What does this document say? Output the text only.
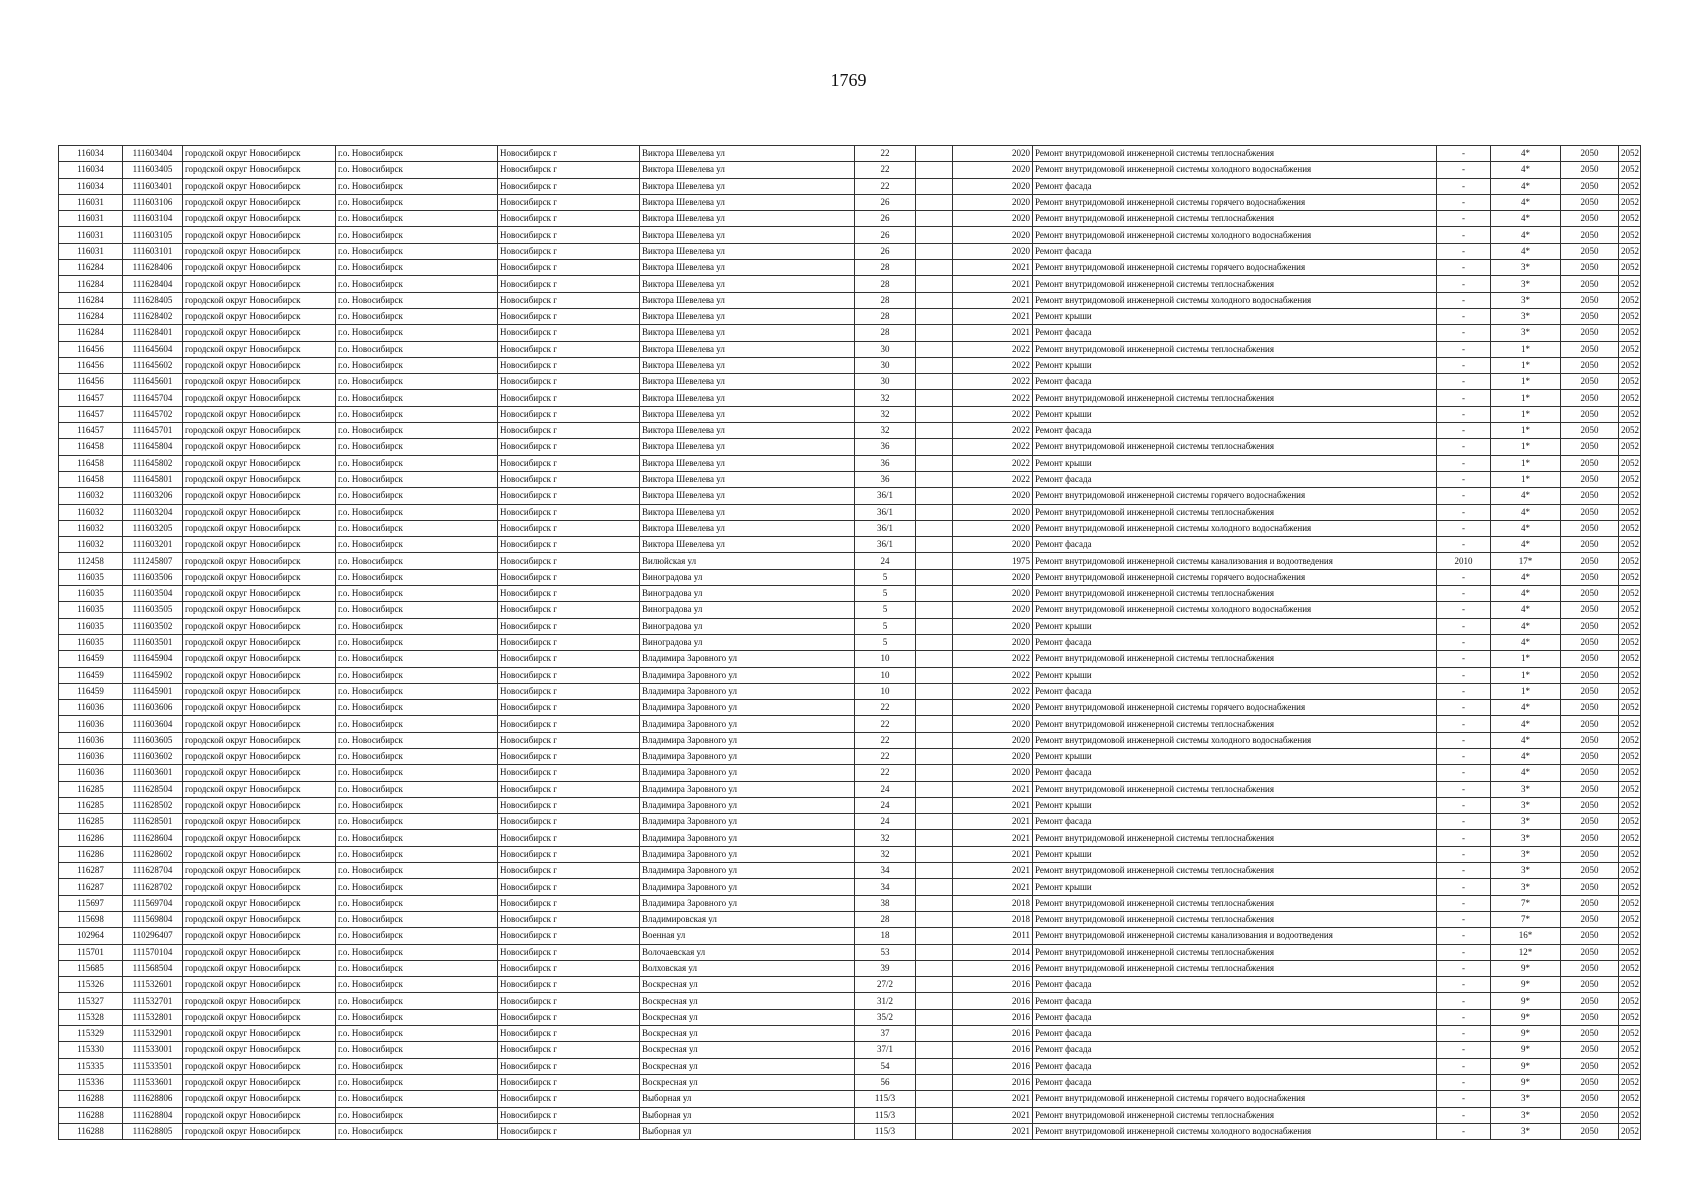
1769
116034	111603404	городской округ Новосибирск	г.о. Новосибирск	Новосибирск г	Виктора Шевелева ул	22		2020	Ремонт внутридомовой инженерной системы теплоснабжения	-	4*	2050	2052
116034	111603405	городской округ Новосибирск	г.о. Новосибирск	Новосибирск г	Виктора Шевелева ул	22		2020	Ремонт внутридомовой инженерной системы холодного водоснабжения	-	4*	2050	2052
116034	111603401	городской округ Новосибирск	г.о. Новосибирск	Новосибирск г	Виктора Шевелева ул	22		2020	Ремонт фасада	-	4*	2050	2052
116031	111603106	городской округ Новосибирск	г.о. Новосибирск	Новосибирск г	Виктора Шевелева ул	26		2020	Ремонт внутридомовой инженерной системы горячего водоснабжения	-	4*	2050	2052
116031	111603104	городской округ Новосибирск	г.о. Новосибирск	Новосибирск г	Виктора Шевелева ул	26		2020	Ремонт внутридомовой инженерной системы теплоснабжения	-	4*	2050	2052
116031	111603105	городской округ Новосибирск	г.о. Новосибирск	Новосибирск г	Виктора Шевелева ул	26		2020	Ремонт внутридомовой инженерной системы холодного водоснабжения	-	4*	2050	2052
116031	111603101	городской округ Новосибирск	г.о. Новосибирск	Новосибирск г	Виктора Шевелева ул	26		2020	Ремонт фасада	-	4*	2050	2052
116284	111628406	городской округ Новосибирск	г.о. Новосибирск	Новосибирск г	Виктора Шевелева ул	28		2021	Ремонт внутридомовой инженерной системы горячего водоснабжения	-	3*	2050	2052
116284	111628404	городской округ Новосибирск	г.о. Новосибирск	Новосибирск г	Виктора Шевелева ул	28		2021	Ремонт внутридомовой инженерной системы теплоснабжения	-	3*	2050	2052
116284	111628405	городской округ Новосибирск	г.о. Новосибирск	Новосибирск г	Виктора Шевелева ул	28		2021	Ремонт внутридомовой инженерной системы холодного водоснабжения	-	3*	2050	2052
116284	111628402	городской округ Новосибирск	г.о. Новосибирск	Новосибирск г	Виктора Шевелева ул	28		2021	Ремонт крыши	-	3*	2050	2052
116284	111628401	городской округ Новосибирск	г.о. Новосибирск	Новосибирск г	Виктора Шевелева ул	28		2021	Ремонт фасада	-	3*	2050	2052
116456	111645604	городской округ Новосибирск	г.о. Новосибирск	Новосибирск г	Виктора Шевелева ул	30		2022	Ремонт внутридомовой инженерной системы теплоснабжения	-	1*	2050	2052
116456	111645602	городской округ Новосибирск	г.о. Новосибирск	Новосибирск г	Виктора Шевелева ул	30		2022	Ремонт крыши	-	1*	2050	2052
116456	111645601	городской округ Новосибирск	г.о. Новосибирск	Новосибирск г	Виктора Шевелева ул	30		2022	Ремонт фасада	-	1*	2050	2052
116457	111645704	городской округ Новосибирск	г.о. Новосибирск	Новосибирск г	Виктора Шевелева ул	32		2022	Ремонт внутридомовой инженерной системы теплоснабжения	-	1*	2050	2052
116457	111645702	городской округ Новосибирск	г.о. Новосибирск	Новосибирск г	Виктора Шевелева ул	32		2022	Ремонт крыши	-	1*	2050	2052
116457	111645701	городской округ Новосибирск	г.о. Новосибирск	Новосибирск г	Виктора Шевелева ул	32		2022	Ремонт фасада	-	1*	2050	2052
116458	111645804	городской округ Новосибирск	г.о. Новосибирск	Новосибирск г	Виктора Шевелева ул	36		2022	Ремонт внутридомовой инженерной системы теплоснабжения	-	1*	2050	2052
116458	111645802	городской округ Новосибирск	г.о. Новосибирск	Новосибирск г	Виктора Шевелева ул	36		2022	Ремонт крыши	-	1*	2050	2052
116458	111645801	городской округ Новосибирск	г.о. Новосибирск	Новосибирск г	Виктора Шевелева ул	36		2022	Ремонт фасада	-	1*	2050	2052
116032	111603206	городской округ Новосибирск	г.о. Новосибирск	Новосибирск г	Виктора Шевелева ул	36/1		2020	Ремонт внутридомовой инженерной системы горячего водоснабжения	-	4*	2050	2052
116032	111603204	городской округ Новосибирск	г.о. Новосибирск	Новосибирск г	Виктора Шевелева ул	36/1		2020	Ремонт внутридомовой инженерной системы теплоснабжения	-	4*	2050	2052
116032	111603205	городской округ Новосибирск	г.о. Новосибирск	Новосибирск г	Виктора Шевелева ул	36/1		2020	Ремонт внутридомовой инженерной системы холодного водоснабжения	-	4*	2050	2052
116032	111603201	городской округ Новосибирск	г.о. Новосибирск	Новосибирск г	Виктора Шевелева ул	36/1		2020	Ремонт фасада	-	4*	2050	2052
112458	111245807	городской округ Новосибирск	г.о. Новосибирск	Новосибирск г	Вилюйская ул	24		1975	Ремонт внутридомовой инженерной системы канализования и водоотведения	2010	17*	2050	2052
116035	111603506	городской округ Новосибирск	г.о. Новосибирск	Новосибирск г	Виноградова ул	5		2020	Ремонт внутридомовой инженерной системы горячего водоснабжения	-	4*	2050	2052
116035	111603504	городской округ Новосибирск	г.о. Новосибирск	Новосибирск г	Виноградова ул	5		2020	Ремонт внутридомовой инженерной системы теплоснабжения	-	4*	2050	2052
116035	111603505	городской округ Новосибирск	г.о. Новосибирск	Новосибирск г	Виноградова ул	5		2020	Ремонт внутридомовой инженерной системы холодного водоснабжения	-	4*	2050	2052
116035	111603502	городской округ Новосибирск	г.о. Новосибирск	Новосибирск г	Виноградова ул	5		2020	Ремонт крыши	-	4*	2050	2052
116035	111603501	городской округ Новосибирск	г.о. Новосибирск	Новосибирск г	Виноградова ул	5		2020	Ремонт фасада	-	4*	2050	2052
116459	111645904	городской округ Новосибирск	г.о. Новосибирск	Новосибирск г	Владимира Заровного ул	10		2022	Ремонт внутридомовой инженерной системы теплоснабжения	-	1*	2050	2052
116459	111645902	городской округ Новосибирск	г.о. Новосибирск	Новосибирск г	Владимира Заровного ул	10		2022	Ремонт крыши	-	1*	2050	2052
116459	111645901	городской округ Новосибирск	г.о. Новосибирск	Новосибирск г	Владимира Заровного ул	10		2022	Ремонт фасада	-	1*	2050	2052
116036	111603606	городской округ Новосибирск	г.о. Новосибирск	Новосибирск г	Владимира Заровного ул	22		2020	Ремонт внутридомовой инженерной системы горячего водоснабжения	-	4*	2050	2052
116036	111603604	городской округ Новосибирск	г.о. Новосибирск	Новосибирск г	Владимира Заровного ул	22		2020	Ремонт внутридомовой инженерной системы теплоснабжения	-	4*	2050	2052
116036	111603605	городской округ Новосибирск	г.о. Новосибирск	Новосибирск г	Владимира Заровного ул	22		2020	Ремонт внутридомовой инженерной системы холодного водоснабжения	-	4*	2050	2052
116036	111603602	городской округ Новосибирск	г.о. Новосибирск	Новосибирск г	Владимира Заровного ул	22		2020	Ремонт крыши	-	4*	2050	2052
116036	111603601	городской округ Новосибирск	г.о. Новосибирск	Новосибирск г	Владимира Заровного ул	22		2020	Ремонт фасада	-	4*	2050	2052
116285	111628504	городской округ Новосибирск	г.о. Новосибирск	Новосибирск г	Владимира Заровного ул	24		2021	Ремонт внутридомовой инженерной системы теплоснабжения	-	3*	2050	2052
116285	111628502	городской округ Новосибирск	г.о. Новосибирск	Новосибирск г	Владимира Заровного ул	24		2021	Ремонт крыши	-	3*	2050	2052
116285	111628501	городской округ Новосибирск	г.о. Новосибирск	Новосибирск г	Владимира Заровного ул	24		2021	Ремонт фасада	-	3*	2050	2052
116286	111628604	городской округ Новосибирск	г.о. Новосибирск	Новосибирск г	Владимира Заровного ул	32		2021	Ремонт внутридомовой инженерной системы теплоснабжения	-	3*	2050	2052
116286	111628602	городской округ Новосибирск	г.о. Новосибирск	Новосибирск г	Владимира Заровного ул	32		2021	Ремонт крыши	-	3*	2050	2052
116287	111628704	городской округ Новосибирск	г.о. Новосибирск	Новосибирск г	Владимира Заровного ул	34		2021	Ремонт внутридомовой инженерной системы теплоснабжения	-	3*	2050	2052
116287	111628702	городской округ Новосибирск	г.о. Новосибирск	Новосибирск г	Владимира Заровного ул	34		2021	Ремонт крыши	-	3*	2050	2052
115697	111569704	городской округ Новосибирск	г.о. Новосибирск	Новосибирск г	Владимира Заровного ул	38		2018	Ремонт внутридомовой инженерной системы теплоснабжения	-	7*	2050	2052
115698	111569804	городской округ Новосибирск	г.о. Новосибирск	Новосибирск г	Владимировская ул	28		2018	Ремонт внутридомовой инженерной системы теплоснабжения	-	7*	2050	2052
102964	110296407	городской округ Новосибирск	г.о. Новосибирск	Новосибирск г	Военная ул	18		2011	Ремонт внутридомовой инженерной системы канализования и водоотведения	-	16*	2050	2052
115701	111570104	городской округ Новосибирск	г.о. Новосибирск	Новосибирск г	Волочаевская ул	53		2014	Ремонт внутридомовой инженерной системы теплоснабжения	-	12*	2050	2052
115685	111568504	городской округ Новосибирск	г.о. Новосибирск	Новосибирск г	Волховская ул	39		2016	Ремонт внутридомовой инженерной системы теплоснабжения	-	9*	2050	2052
115326	111532601	городской округ Новосибирск	г.о. Новосибирск	Новосибирск г	Воскресная ул	27/2		2016	Ремонт фасада	-	9*	2050	2052
115327	111532701	городской округ Новосибирск	г.о. Новосибирск	Новосибирск г	Воскресная ул	31/2		2016	Ремонт фасада	-	9*	2050	2052
115328	111532801	городской округ Новосибирск	г.о. Новосибирск	Новосибирск г	Воскресная ул	35/2		2016	Ремонт фасада	-	9*	2050	2052
115329	111532901	городской округ Новосибирск	г.о. Новосибирск	Новосибирск г	Воскресная ул	37		2016	Ремонт фасада	-	9*	2050	2052
115330	111533001	городской округ Новосибирск	г.о. Новосибирск	Новосибирск г	Воскресная ул	37/1		2016	Ремонт фасада	-	9*	2050	2052
115335	111533501	городской округ Новосибирск	г.о. Новосибирск	Новосибирск г	Воскресная ул	54		2016	Ремонт фасада	-	9*	2050	2052
115336	111533601	городской округ Новосибирск	г.о. Новосибирск	Новосибирск г	Воскресная ул	56		2016	Ремонт фасада	-	9*	2050	2052
116288	111628806	городской округ Новосибирск	г.о. Новосибирск	Новосибирск г	Выборная ул	115/3		2021	Ремонт внутридомовой инженерной системы горячего водоснабжения	-	3*	2050	2052
116288	111628804	городской округ Новосибирск	г.о. Новосибирск	Новосибирск г	Выборная ул	115/3		2021	Ремонт внутридомовой инженерной системы теплоснабжения	-	3*	2050	2052
116288	111628805	городской округ Новосибирск	г.о. Новосибирск	Новосибирск г	Выборная ул	115/3		2021	Ремонт внутридомовой инженерной системы холодного водоснабжения	-	3*	2050	2052
